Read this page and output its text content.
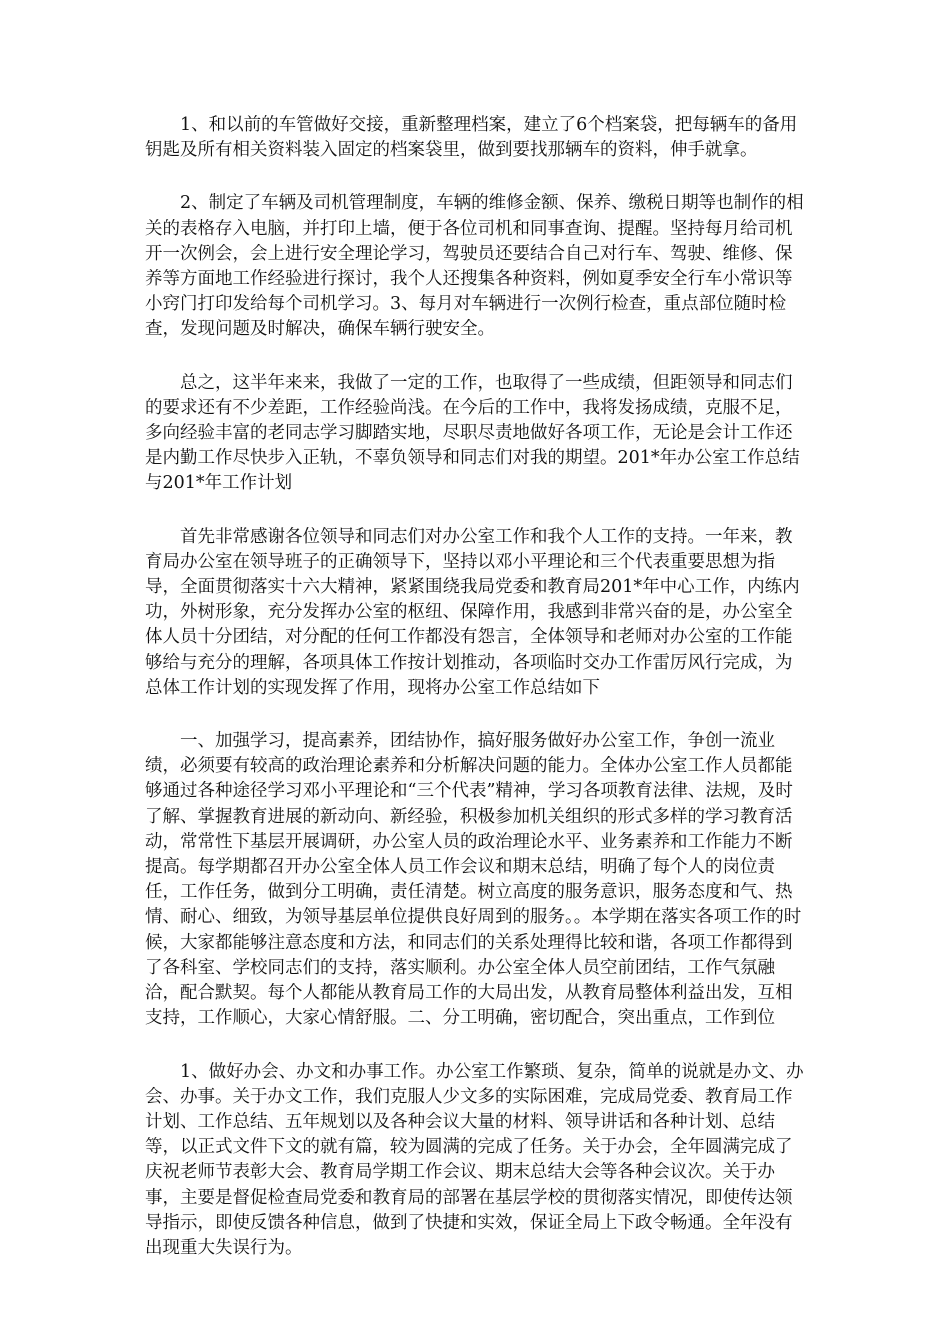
1、和以前的车管做好交接，重新整理档案，建立了6个档案袋，把每辆车的备用钥匙及所有相关资料装入固定的档案袋里，做到要找那辆车的资料，伸手就拿。

2、制定了车辆及司机管理制度，车辆的维修金额、保养、缴税日期等也制作的相关的表格存入电脑，并打印上墙，便于各位司机和同事查询、提醒。坚持每月给司机开一次例会，会上进行安全理论学习，驾驶员还要结合自己对行车、驾驶、维修、保养等方面地工作经验进行探讨，我个人还搜集各种资料，例如夏季安全行车小常识等小窍门打印发给每个司机学习。3、每月对车辆进行一次例行检查，重点部位随时检查，发现问题及时解决，确保车辆行驶安全。

总之，这半年来来，我做了一定的工作，也取得了一些成绩，但距领导和同志们的要求还有不少差距，工作经验尚浅。在今后的工作中，我将发扬成绩，克服不足，多向经验丰富的老同志学习脚踏实地，尽职尽责地做好各项工作，无论是会计工作还是内勤工作尽快步入正轨，不辜负领导和同志们对我的期望。201*年办公室工作总结与201*年工作计划

首先非常感谢各位领导和同志们对办公室工作和我个人工作的支持。一年来，教育局办公室在领导班子的正确领导下，坚持以邓小平理论和三个代表重要思想为指导，全面贯彻落实十六大精神，紧紧围绕我局党委和教育局201*年中心工作，内练内功，外树形象，充分发挥办公室的枢纽、保障作用，我感到非常兴奋的是，办公室全体人员十分团结，对分配的任何工作都没有怨言，全体领导和老师对办公室的工作能够给与充分的理解，各项具体工作按计划推动，各项临时交办工作雷厉风行完成，为总体工作计划的实现发挥了作用，现将办公室工作总结如下

一、加强学习，提高素养，团结协作，搞好服务做好办公室工作，争创一流业绩，必须要有较高的政治理论素养和分析解决问题的能力。全体办公室工作人员都能够通过各种途径学习邓小平理论和“三个代表”精神，学习各项教育法律、法规，及时了解、掌握教育进展的新动向、新经验，积极参加机关组织的形式多样的学习教育活动，常常性下基层开展调研，办公室人员的政治理论水平、业务素养和工作能力不断提高。每学期都召开办公室全体人员工作会议和期末总结，明确了每个人的岗位责任，工作任务，做到分工明确，责任清楚。树立高度的服务意识，服务态度和气、热情、耐心、细致，为领导基层单位提供良好周到的服务。。本学期在落实各项工作的时候，大家都能够注意态度和方法，和同志们的关系处理得比较和谐，各项工作都得到了各科室、学校同志们的支持，落实顺利。办公室全体人员空前团结，工作气氛融洽，配合默契。每个人都能从教育局工作的大局出发，从教育局整体利益出发，互相支持，工作顺心，大家心情舒服。二、分工明确，密切配合，突出重点，工作到位

1、做好办会、办文和办事工作。办公室工作繁琐、复杂，简单的说就是办文、办会、办事。关于办文工作，我们克服人少文多的实际困难，完成局党委、教育局工作计划、工作总结、五年规划以及各种会议大量的材料、领导讲话和各种计划、总结等，以正式文件下文的就有篇，较为圆满的完成了任务。关于办会，全年圆满完成了庆祝老师节表彰大会、教育局学期工作会议、期末总结大会等各种会议次。关于办事，主要是督促检查局党委和教育局的部署在基层学校的贯彻落实情况，即使传达领导指示，即使反馈各种信息，做到了快捷和实效，保证全局上下政令畅通。全年没有出现重大失误行为。
